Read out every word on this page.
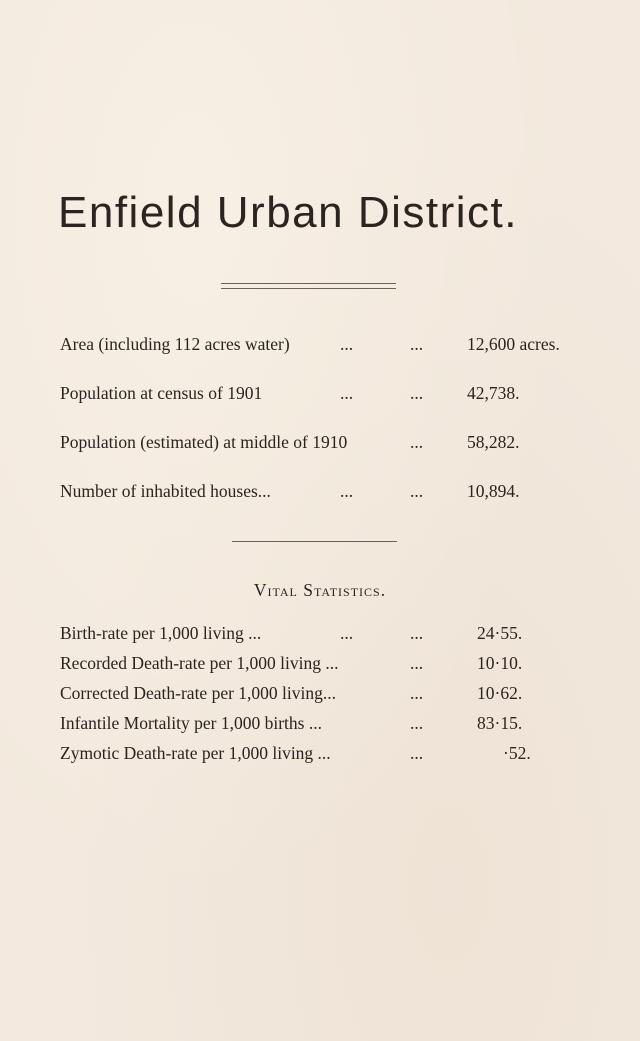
Enfield Urban District.
Area (including 112 acres water)	...	...	12,600 acres.
Population at census of 1901	...	...	42,738.
Population (estimated) at middle of 1910	...	58,282.
Number of inhabited houses...	...	...	10,894.
Vital Statistics.
Birth-rate per 1,000 living ...	...	...	24·55.
Recorded Death-rate per 1,000 living ...	...	10·10.
Corrected Death-rate per 1,000 living...	...	10·62.
Infantile Mortality per 1,000 births ...	...	83·15.
Zymotic Death-rate per 1,000 living ...	...	·52.
